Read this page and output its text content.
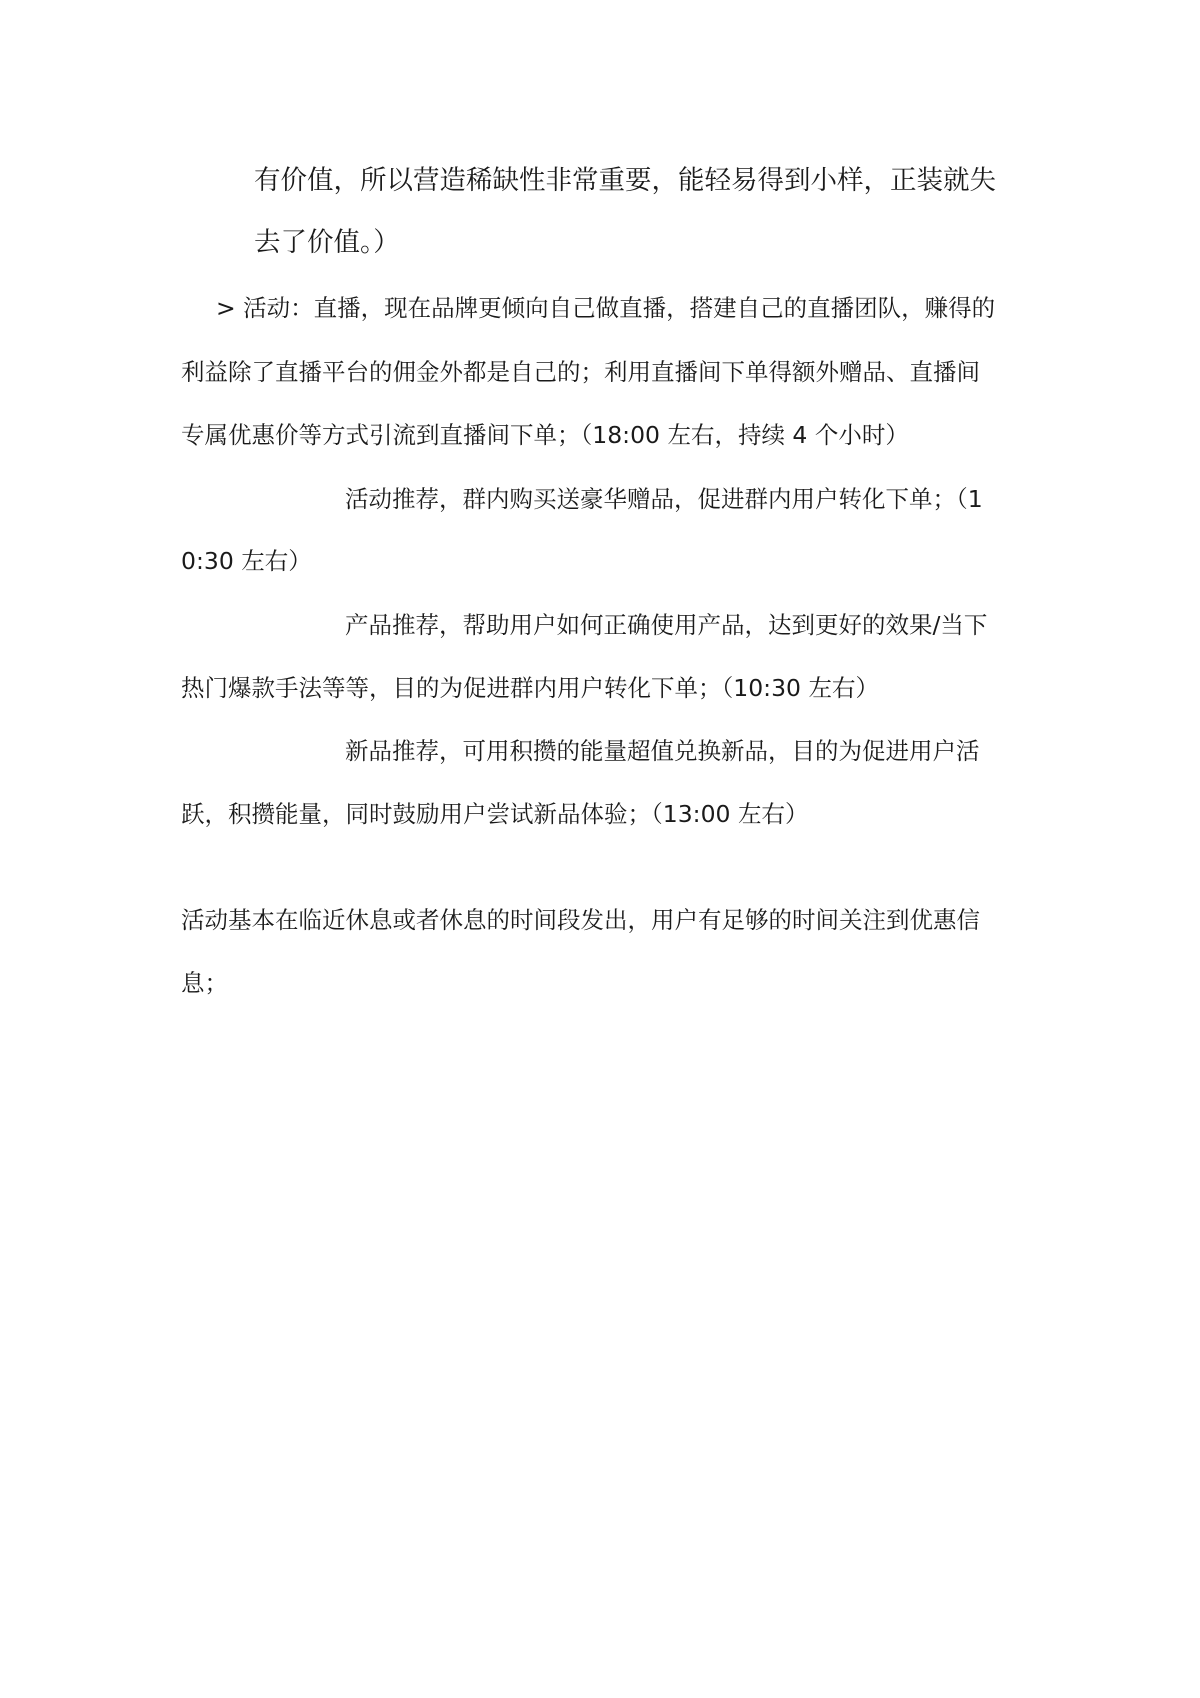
有价值，所以营造稀缺性非常重要，能轻易得到小样，正装就失
去了价值。）
> 活动：直播，现在品牌更倾向自己做直播，搭建自己的直播团队，赚得的
利益除了直播平台的佣金外都是自己的；利用直播间下单得额外赠品、直播间
专属优惠价等方式引流到直播间下单；（18:00 左右，持续 4 个小时）
活动推荐，群内购买送豪华赠品，促进群内用户转化下单；（1
0:30 左右）
产品推荐，帮助用户如何正确使用产品，达到更好的效果/当下
热门爆款手法等等，目的为促进群内用户转化下单；（10:30 左右）
新品推荐，可用积攒的能量超值兑换新品，目的为促进用户活
跃，积攒能量，同时鼓励用户尝试新品体验；（13:00 左右）
活动基本在临近休息或者休息的时间段发出，用户有足够的时间关注到优惠信
息；
